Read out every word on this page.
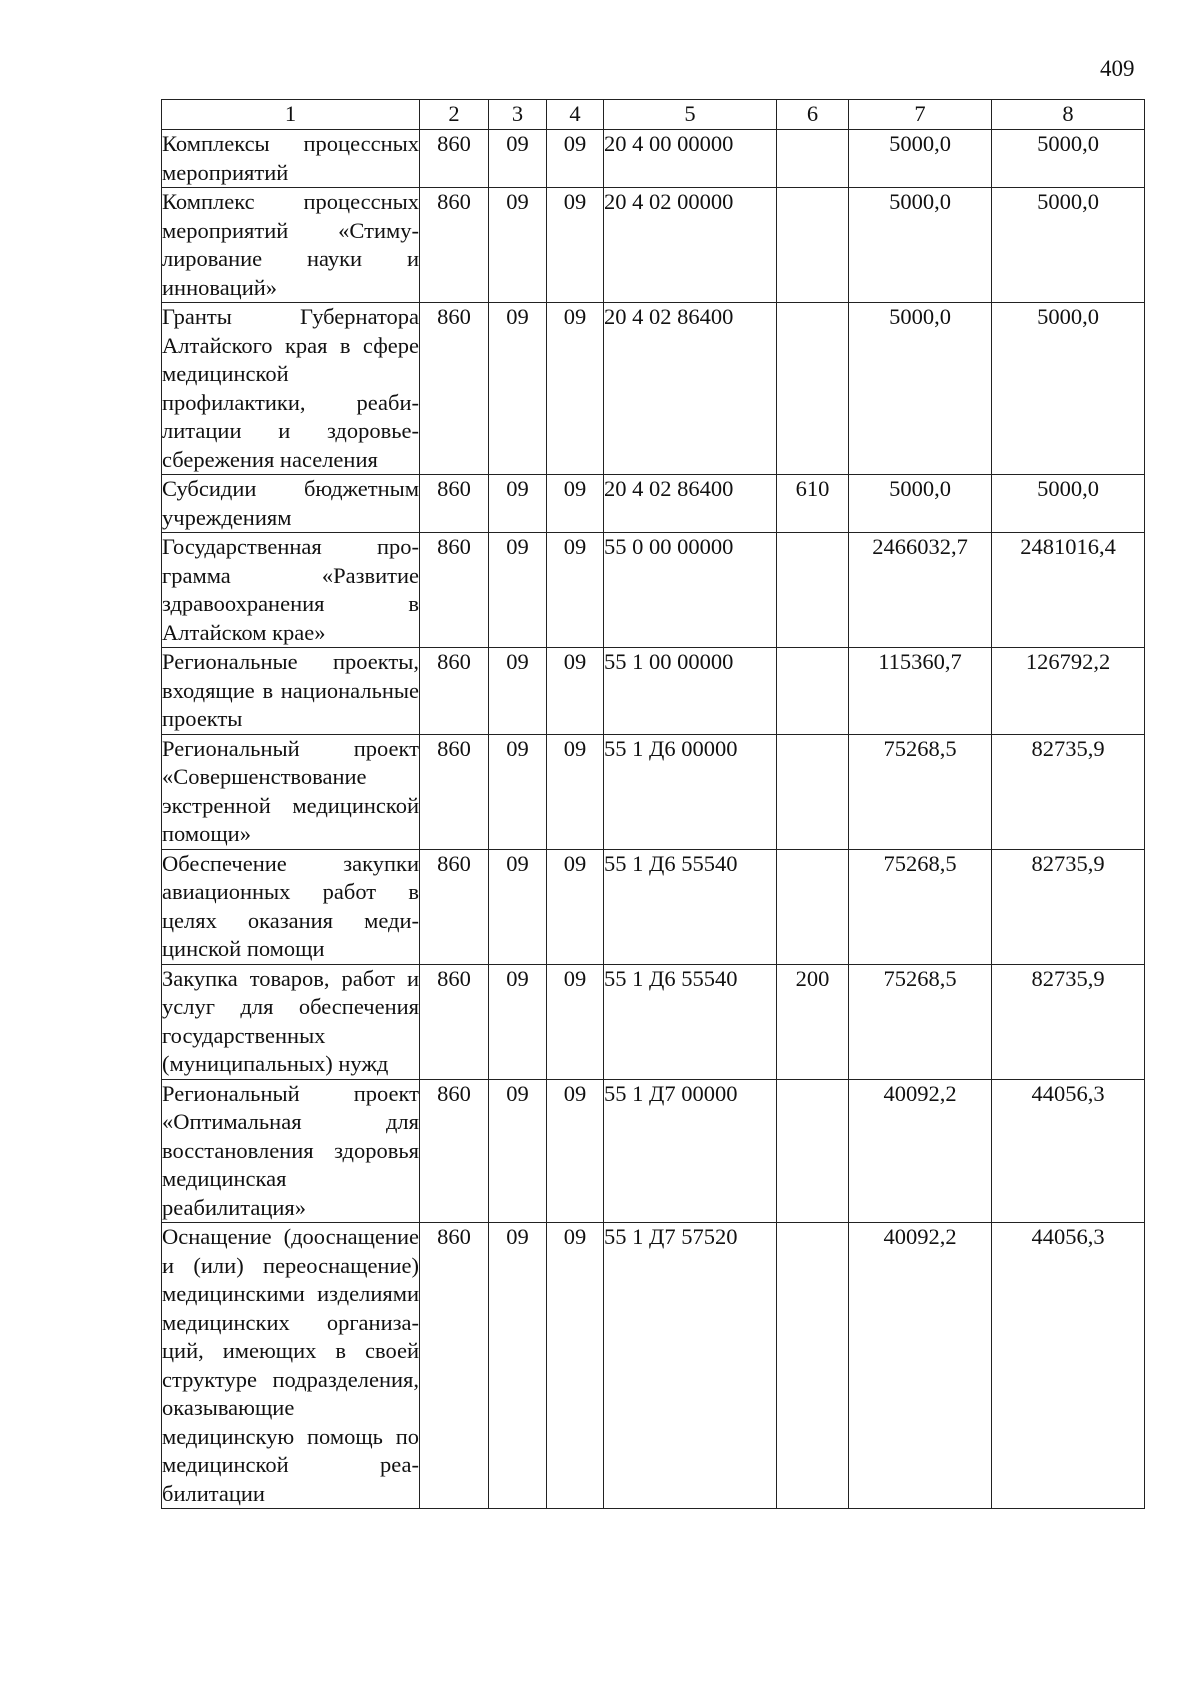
409
1	2	3	4	5	6	7	8
Комплексы процессных мероприятий	860	09	09	20 4 00 00000		5000,0	5000,0
Комплекс процессных мероприятий «Стимулирование науки и инноваций»	860	09	09	20 4 02 00000		5000,0	5000,0
Гранты Губернатора Алтайского края в сфере медицинской профилактики, реабилитации и здоровьесбережения населения	860	09	09	20 4 02 86400		5000,0	5000,0
Субсидии бюджетным учреждениям	860	09	09	20 4 02 86400	610	5000,0	5000,0
Государственная программа «Развитие здравоохранения в Алтайском крае»	860	09	09	55 0 00 00000		2466032,7	2481016,4
Региональные проекты, входящие в национальные проекты	860	09	09	55 1 00 00000		115360,7	126792,2
Региональный проект «Совершенствование экстренной медицинской помощи»	860	09	09	55 1 Д6 00000		75268,5	82735,9
Обеспечение закупки авиационных работ в целях оказания медицинской помощи	860	09	09	55 1 Д6 55540		75268,5	82735,9
Закупка товаров, работ и услуг для обеспечения государственных (муниципальных) нужд	860	09	09	55 1 Д6 55540	200	75268,5	82735,9
Региональный проект «Оптимальная для восстановления здоровья медицинская реабилитация»	860	09	09	55 1 Д7 00000		40092,2	44056,3
Оснащение (дооснащение и (или) переоснащение) медицинскими изделиями медицинских организаций, имеющих в своей структуре подразделения, оказывающие медицинскую помощь по медицинской реабилитации	860	09	09	55 1 Д7 57520		40092,2	44056,3
